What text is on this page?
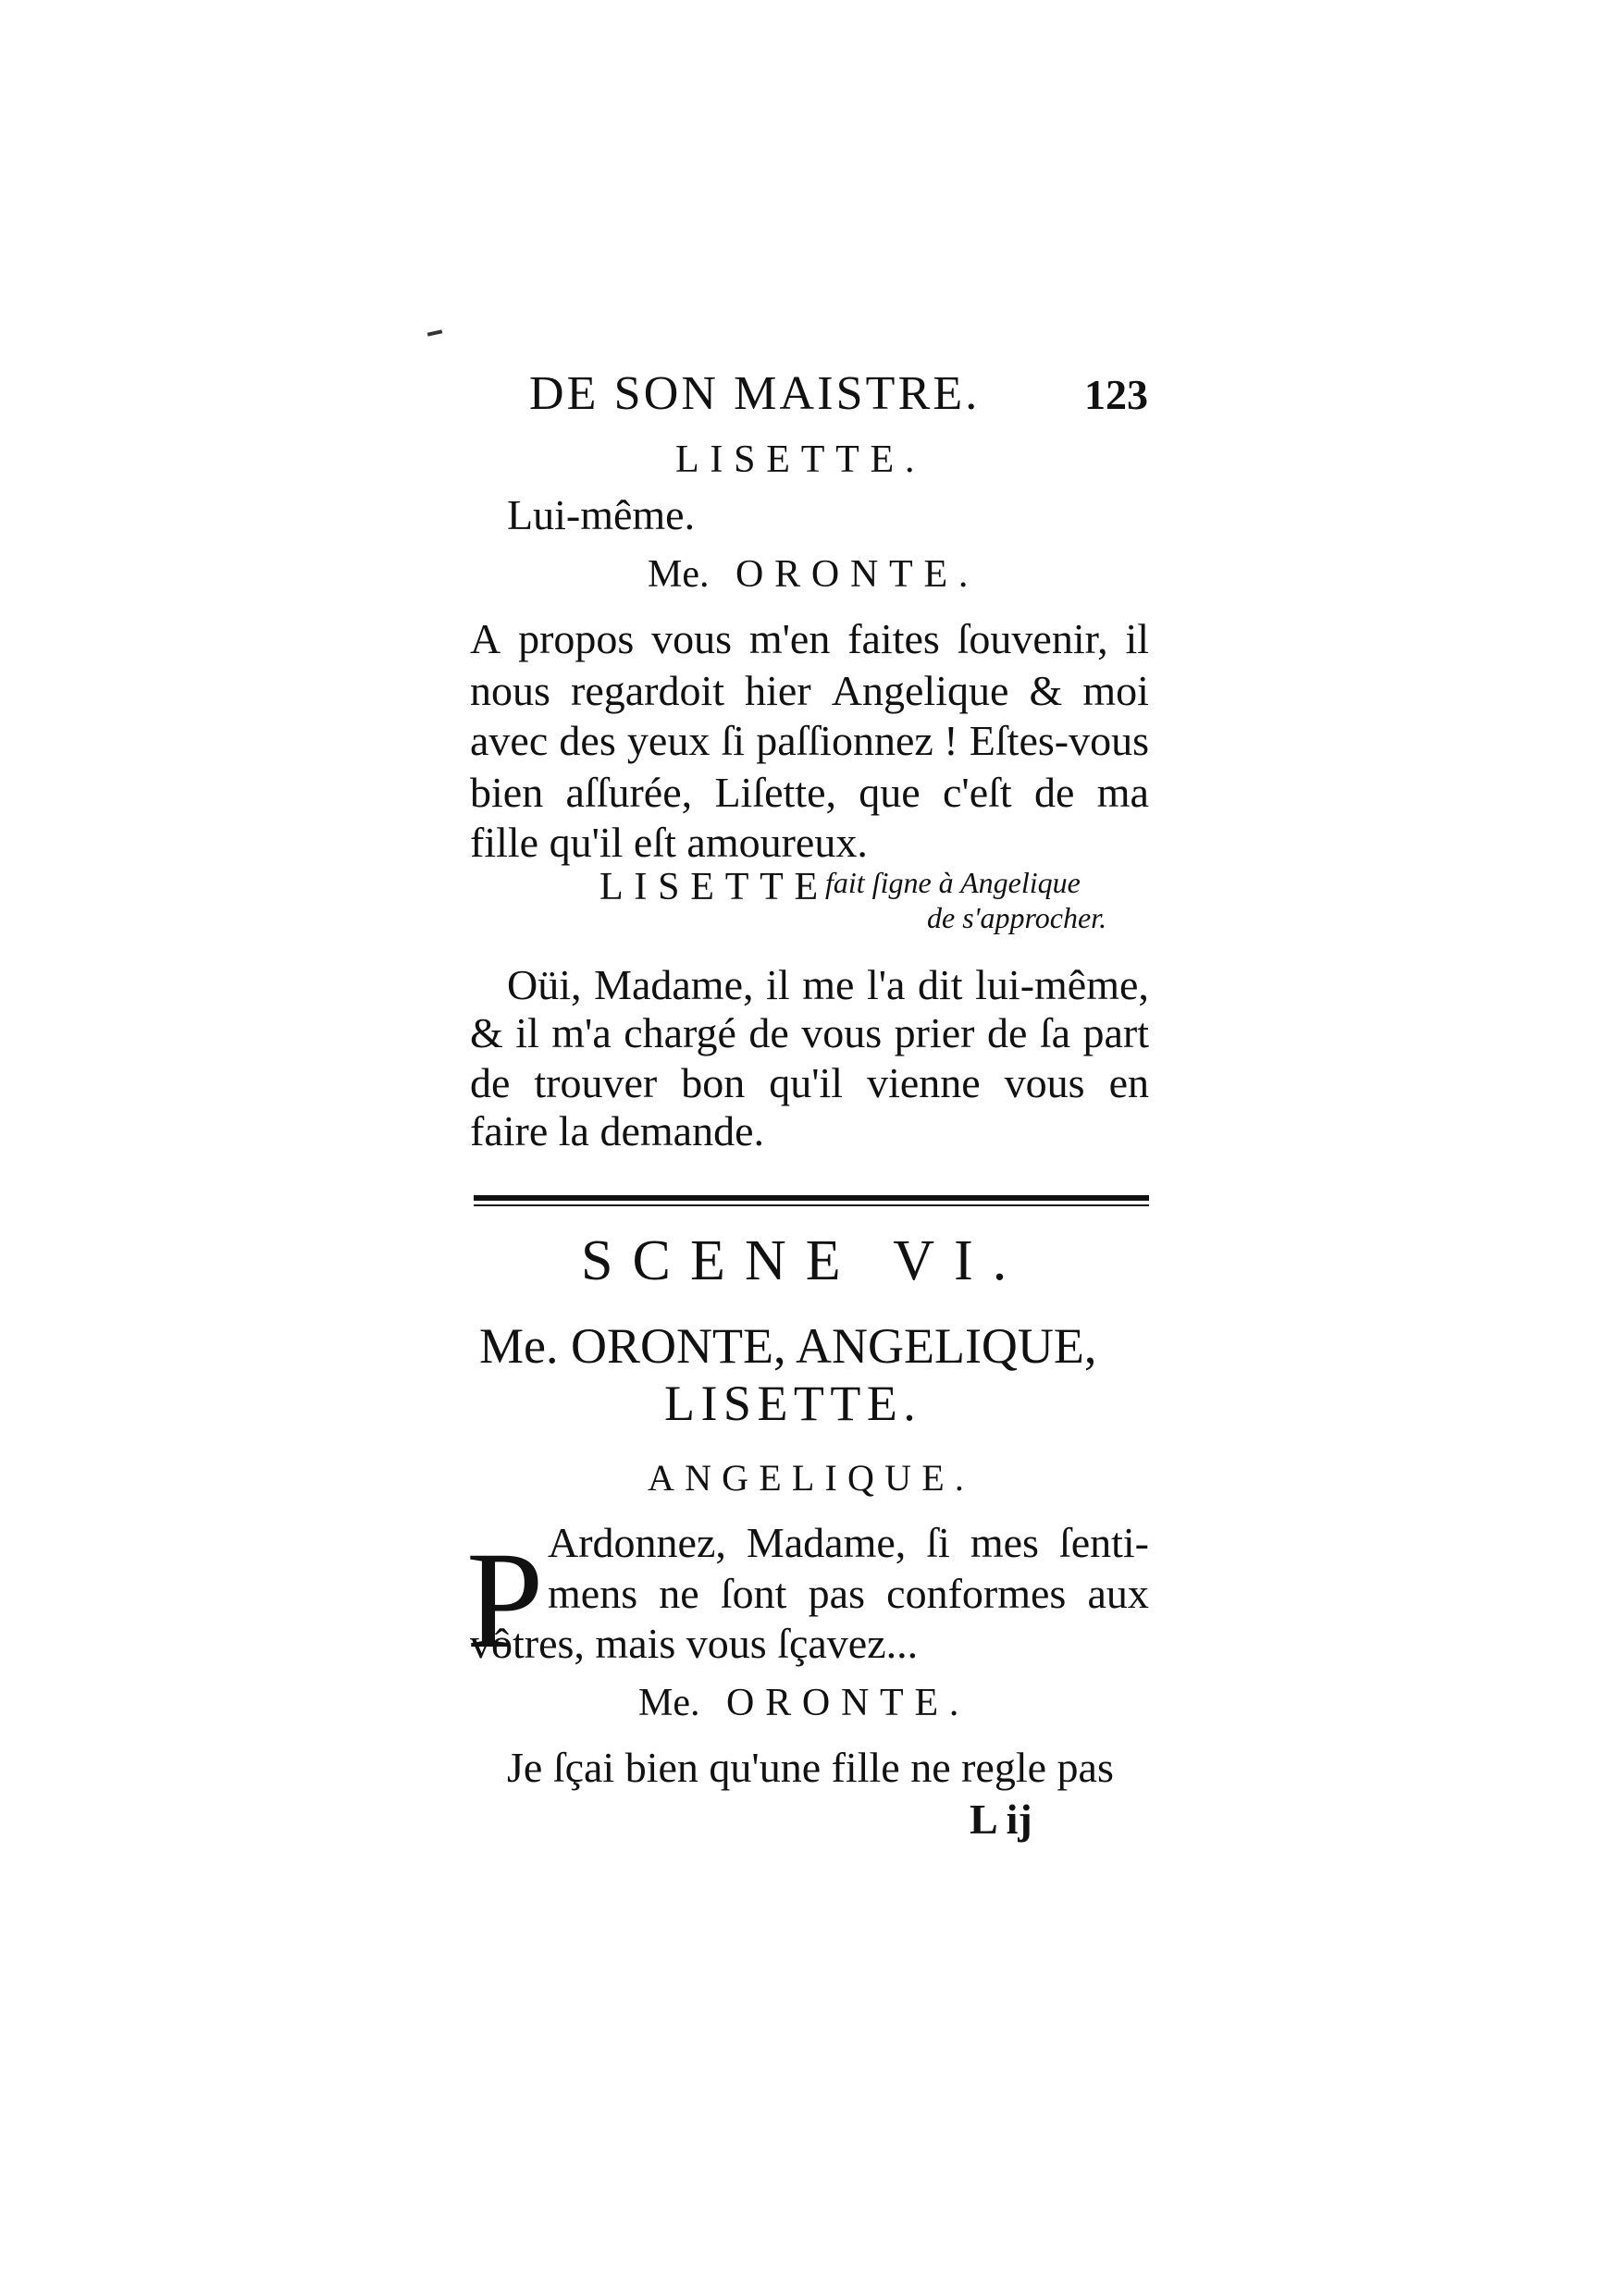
DE SON MAISTRE. 123
LISETTE.
Lui-même.
Me. ORONTE.
A propos vous m'en faites ſouvenir, il
nous regardoit hier Angelique & moi
avec des yeux ſi paſſionnez ! Eſtes-vous
bien aſſurée, Liſette, que c'eſt de ma
fille qu'il eſt amoureux.
LISETTE
fait ſigne à Angelique
de s'approcher.
Oüi, Madame, il me l'a dit lui-même,
& il m'a chargé de vous prier de ſa part
de trouver bon qu'il vienne vous en
faire la demande.
SCENE VI.
Me. ORONTE, ANGELIQUE,
LISETTE.
ANGELIQUE.
P Ardonnez, Madame, ſi mes ſenti-
mens ne ſont pas conformes aux
vôtres, mais vous ſçavez...
Me. ORONTE.
Je ſçai bien qu'une fille ne regle pas
L ij
